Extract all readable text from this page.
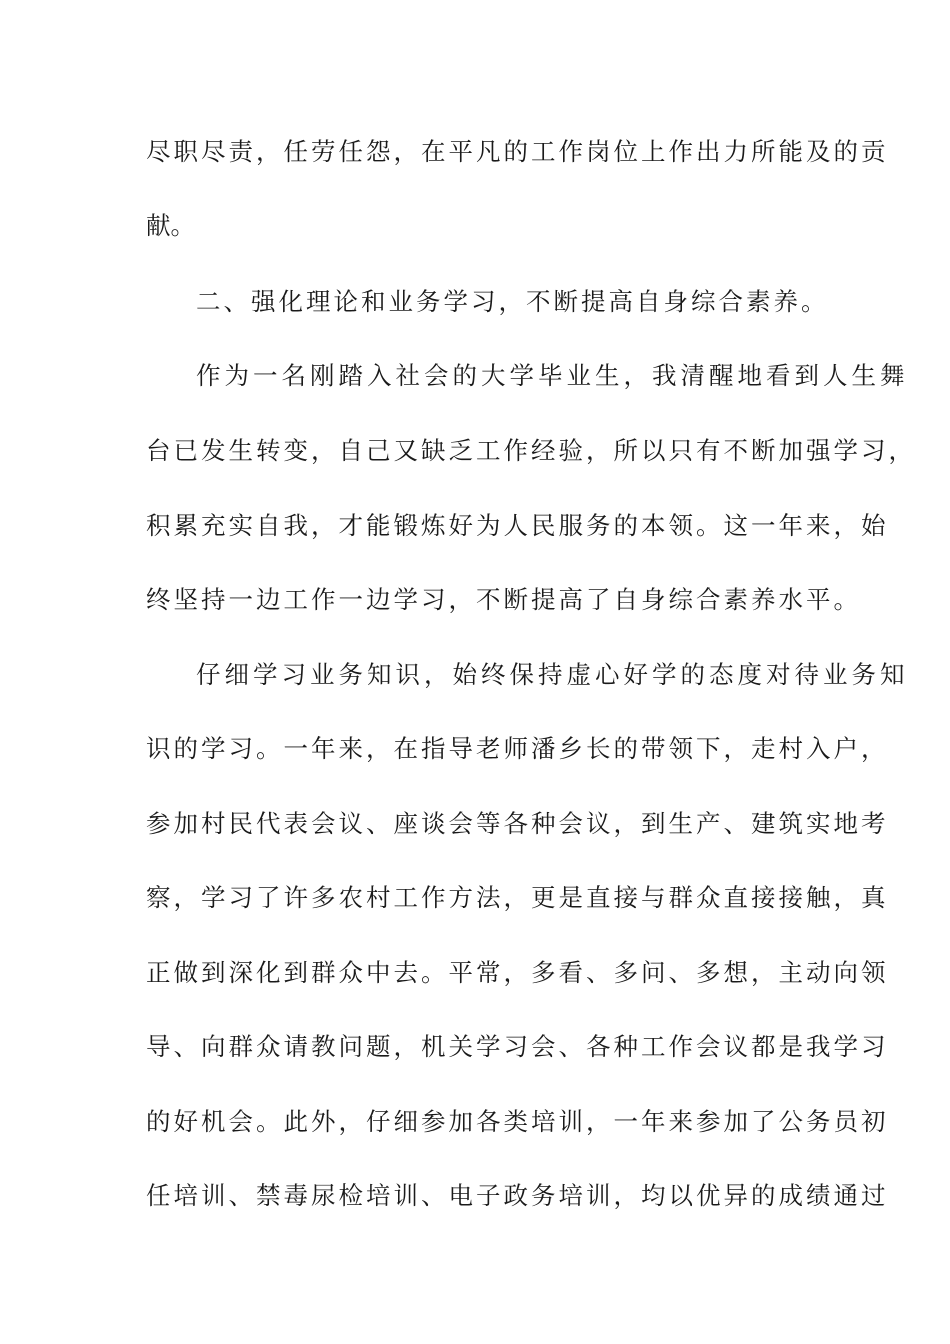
尽职尽责，任劳任怨，在平凡的工作岗位上作出力所能及的贡
献。
二、强化理论和业务学习，不断提高自身综合素养。
作为一名刚踏入社会的大学毕业生，我清醒地看到人生舞
台已发生转变，自己又缺乏工作经验，所以只有不断加强学习，
积累充实自我，才能锻炼好为人民服务的本领。这一年来，始
终坚持一边工作一边学习，不断提高了自身综合素养水平。
仔细学习业务知识，始终保持虚心好学的态度对待业务知
识的学习。一年来，在指导老师潘乡长的带领下，走村入户，
参加村民代表会议、座谈会等各种会议，到生产、建筑实地考
察，学习了许多农村工作方法，更是直接与群众直接接触，真
正做到深化到群众中去。平常，多看、多问、多想，主动向领
导、向群众请教问题，机关学习会、各种工作会议都是我学习
的好机会。此外，仔细参加各类培训，一年来参加了公务员初
任培训、禁毒尿检培训、电子政务培训，均以优异的成绩通过
